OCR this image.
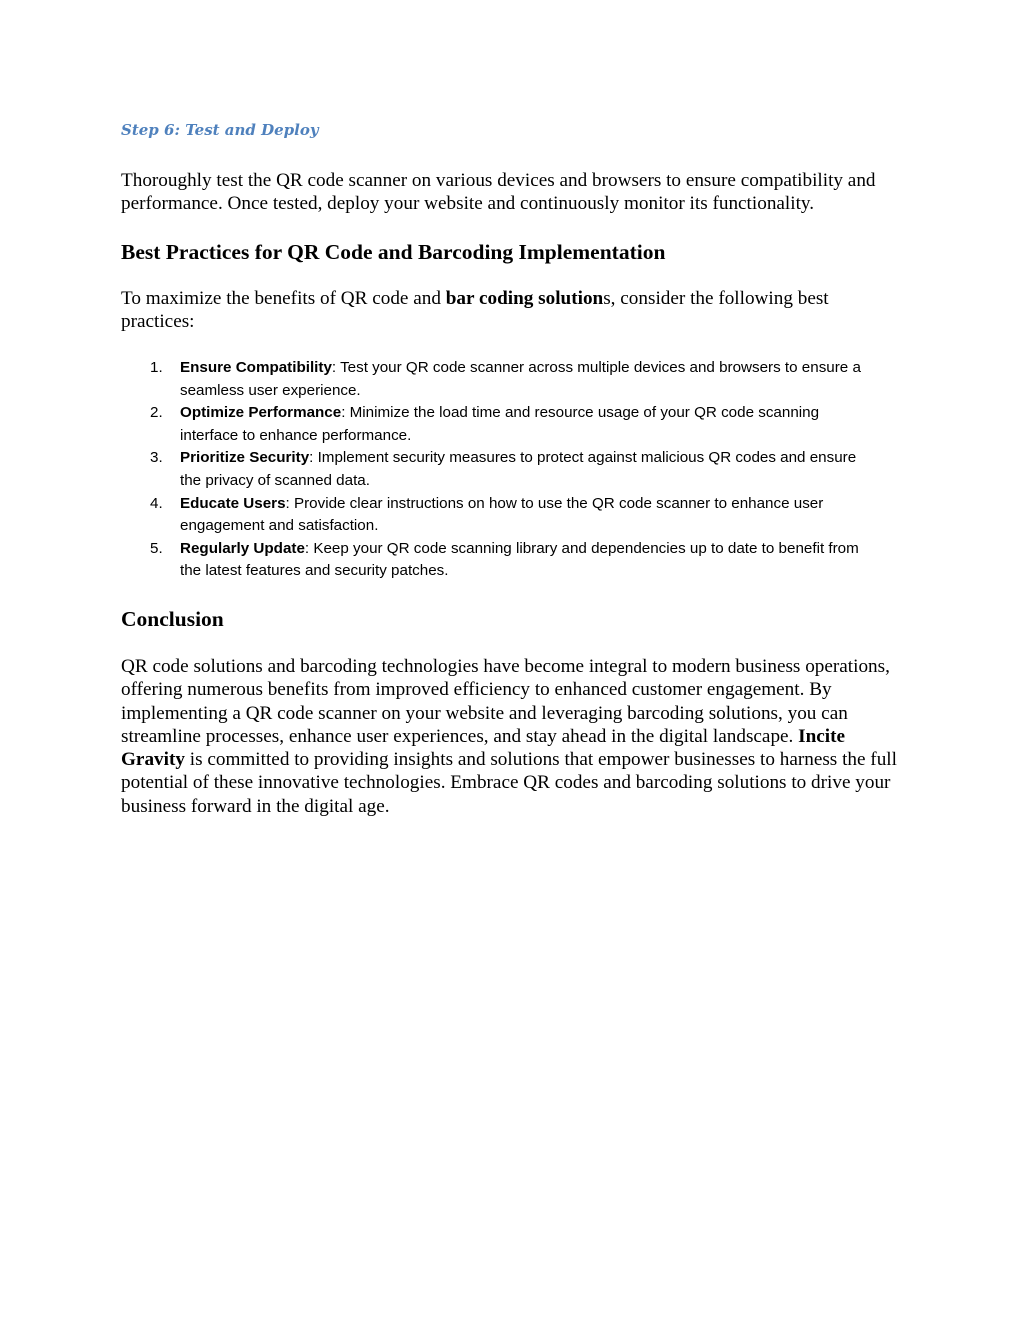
Step 6: Test and Deploy

Thoroughly test the QR code scanner on various devices and browsers to ensure compatibility and performance. Once tested, deploy your website and continuously monitor its functionality.

Best Practices for QR Code and Barcoding Implementation

To maximize the benefits of QR code and bar coding solutions, consider the following best practices:

1. Ensure Compatibility: Test your QR code scanner across multiple devices and browsers to ensure a seamless user experience.
2. Optimize Performance: Minimize the load time and resource usage of your QR code scanning interface to enhance performance.
3. Prioritize Security: Implement security measures to protect against malicious QR codes and ensure the privacy of scanned data.
4. Educate Users: Provide clear instructions on how to use the QR code scanner to enhance user engagement and satisfaction.
5. Regularly Update: Keep your QR code scanning library and dependencies up to date to benefit from the latest features and security patches.
Conclusion

QR code solutions and barcoding technologies have become integral to modern business operations, offering numerous benefits from improved efficiency to enhanced customer engagement. By implementing a QR code scanner on your website and leveraging barcoding solutions, you can streamline processes, enhance user experiences, and stay ahead in the digital landscape. Incite Gravity is committed to providing insights and solutions that empower businesses to harness the full potential of these innovative technologies. Embrace QR codes and barcoding solutions to drive your business forward in the digital age.
